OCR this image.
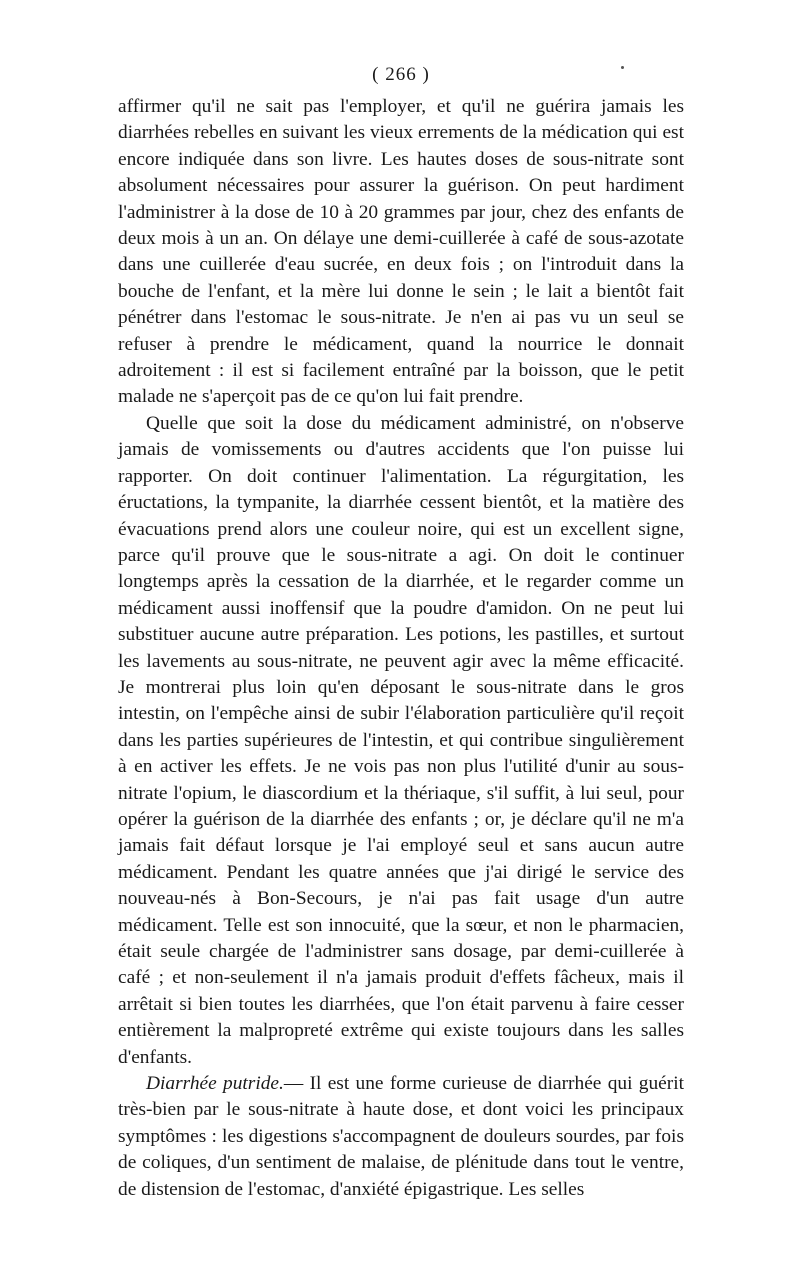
( 266 )

affirmer qu'il ne sait pas l'employer, et qu'il ne guérira jamais les diarrhées rebelles en suivant les vieux errements de la médication qui est encore indiquée dans son livre. Les hautes doses de sous-nitrate sont absolument nécessaires pour assurer la guérison. On peut hardiment l'administrer à la dose de 10 à 20 grammes par jour, chez des enfants de deux mois à un an. On délaye une demi-cuillerée à café de sous-azotate dans une cuillerée d'eau sucrée, en deux fois ; on l'introduit dans la bouche de l'enfant, et la mère lui donne le sein ; le lait a bientôt fait pénétrer dans l'estomac le sous-nitrate. Je n'en ai pas vu un seul se refuser à prendre le médicament, quand la nourrice le donnait adroitement : il est si facilement entraîné par la boisson, que le petit malade ne s'aperçoit pas de ce qu'on lui fait prendre.

Quelle que soit la dose du médicament administré, on n'observe jamais de vomissements ou d'autres accidents que l'on puisse lui rapporter. On doit continuer l'alimentation. La régurgitation, les éructations, la tympanite, la diarrhée cessent bientôt, et la matière des évacuations prend alors une couleur noire, qui est un excellent signe, parce qu'il prouve que le sous-nitrate a agi. On doit le continuer longtemps après la cessation de la diarrhée, et le regarder comme un médicament aussi inoffensif que la poudre d'amidon. On ne peut lui substituer aucune autre préparation. Les potions, les pastilles, et surtout les lavements au sous-nitrate, ne peuvent agir avec la même efficacité. Je montrerai plus loin qu'en déposant le sous-nitrate dans le gros intestin, on l'empêche ainsi de subir l'élaboration particulière qu'il reçoit dans les parties supérieures de l'intestin, et qui contribue singulièrement à en activer les effets. Je ne vois pas non plus l'utilité d'unir au sous-nitrate l'opium, le diascordium et la thériaque, s'il suffit, à lui seul, pour opérer la guérison de la diarrhée des enfants ; or, je déclare qu'il ne m'a jamais fait défaut lorsque je l'ai employé seul et sans aucun autre médicament. Pendant les quatre années que j'ai dirigé le service des nouveau-nés à Bon-Secours, je n'ai pas fait usage d'un autre médicament. Telle est son innocuité, que la sœur, et non le pharmacien, était seule chargée de l'administrer sans dosage, par demi-cuillerée à café ; et non-seulement il n'a jamais produit d'effets fâcheux, mais il arrêtait si bien toutes les diarrhées, que l'on était parvenu à faire cesser entièrement la malpropreté extrême qui existe toujours dans les salles d'enfants.

Diarrhée putride.— Il est une forme curieuse de diarrhée qui guérit très-bien par le sous-nitrate à haute dose, et dont voici les principaux symptômes : les digestions s'accompagnent de douleurs sourdes, par fois de coliques, d'un sentiment de malaise, de plénitude dans tout le ventre, de distension de l'estomac, d'anxiété épigastrique. Les selles
